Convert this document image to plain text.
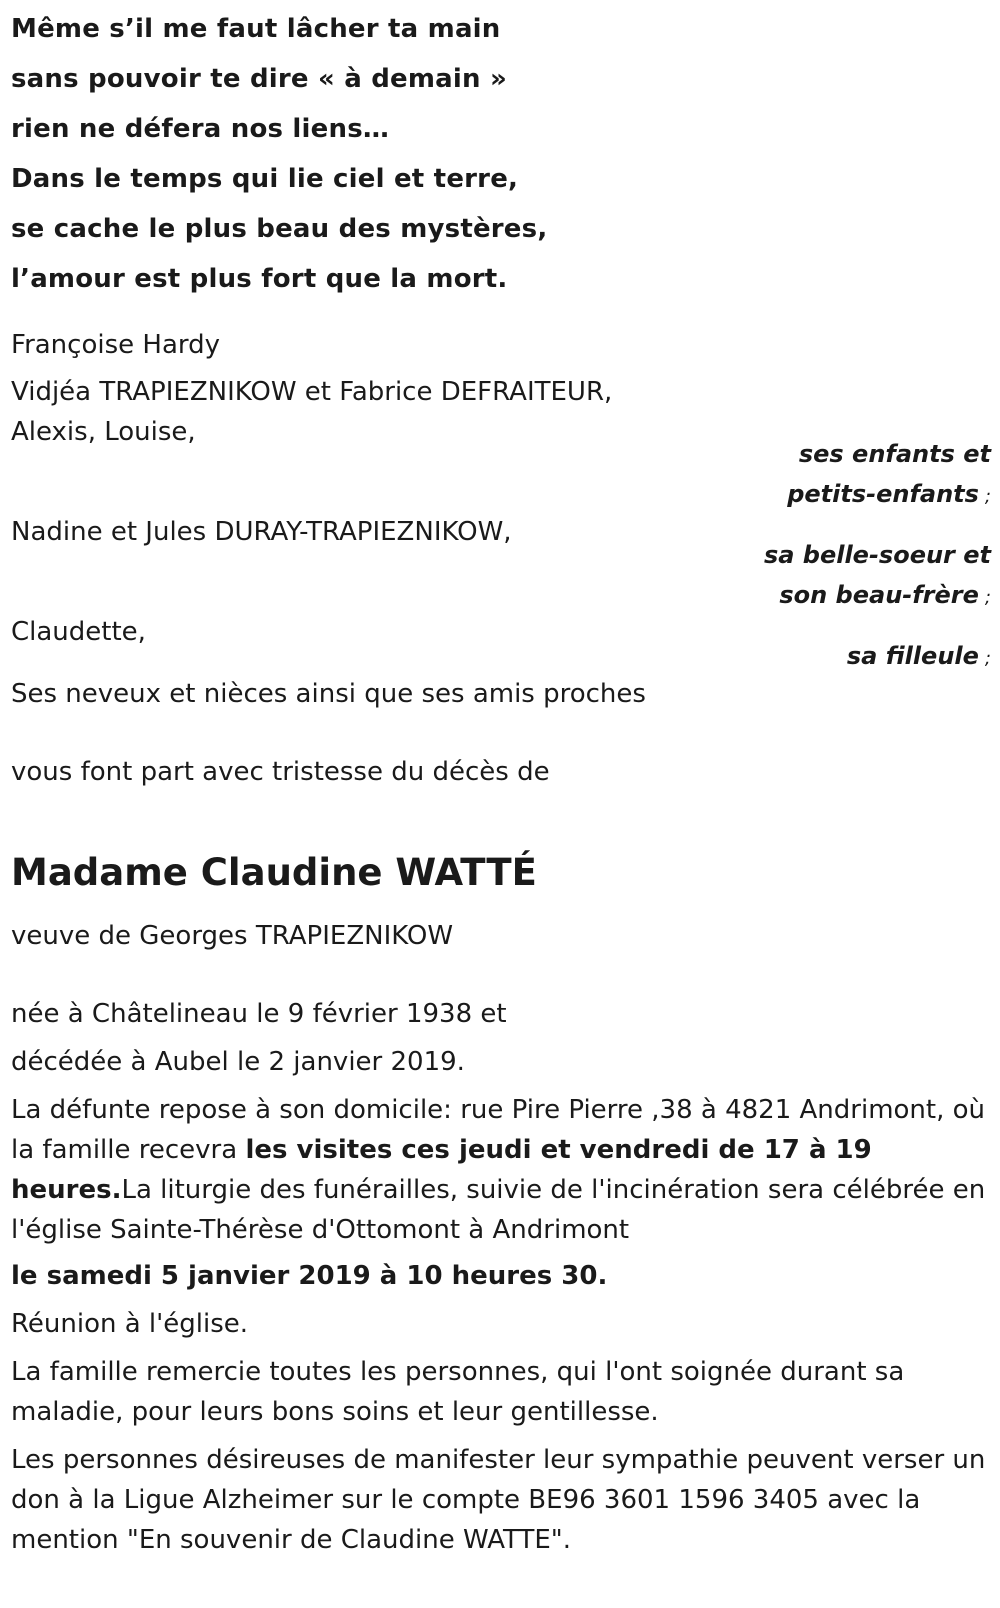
Même s’il me faut lâcher ta main
sans pouvoir te dire « à demain »
rien ne défera nos liens…
Dans le temps qui lie ciel et terre,
se cache le plus beau des mystères,
l’amour est plus fort que la mort.
Françoise Hardy
Vidjéa TRAPIEZNIKOW et Fabrice DEFRAITEUR,
Alexis, Louise,
ses enfants et
petits-enfants ;
Nadine et Jules DURAY-TRAPIEZNIKOW,
sa belle-soeur et
son beau-frère ;
Claudette,
sa filleule ;
Ses neveux et nièces ainsi que ses amis proches
vous font part avec tristesse du décès de
Madame Claudine WATTÉ
veuve de Georges TRAPIEZNIKOW
née à Châtelineau le 9 février 1938 et
décédée à Aubel le 2 janvier 2019.
La défunte repose à son domicile: rue Pire Pierre ,38 à 4821 Andrimont, où la famille recevra les visites ces jeudi et vendredi de 17 à 19 heures.La liturgie des funérailles, suivie de l'incinération sera célébrée en l'église Sainte-Thérèse d'Ottomont à Andrimont
le samedi 5 janvier 2019 à 10 heures 30.
Réunion à l'église.
La famille remercie toutes les personnes, qui l'ont soignée durant sa maladie, pour leurs bons soins et leur gentillesse.
Les personnes désireuses de manifester leur sympathie peuvent verser un don à la Ligue Alzheimer sur le compte BE96 3601 1596 3405 avec la mention "En souvenir de Claudine WATTE".
